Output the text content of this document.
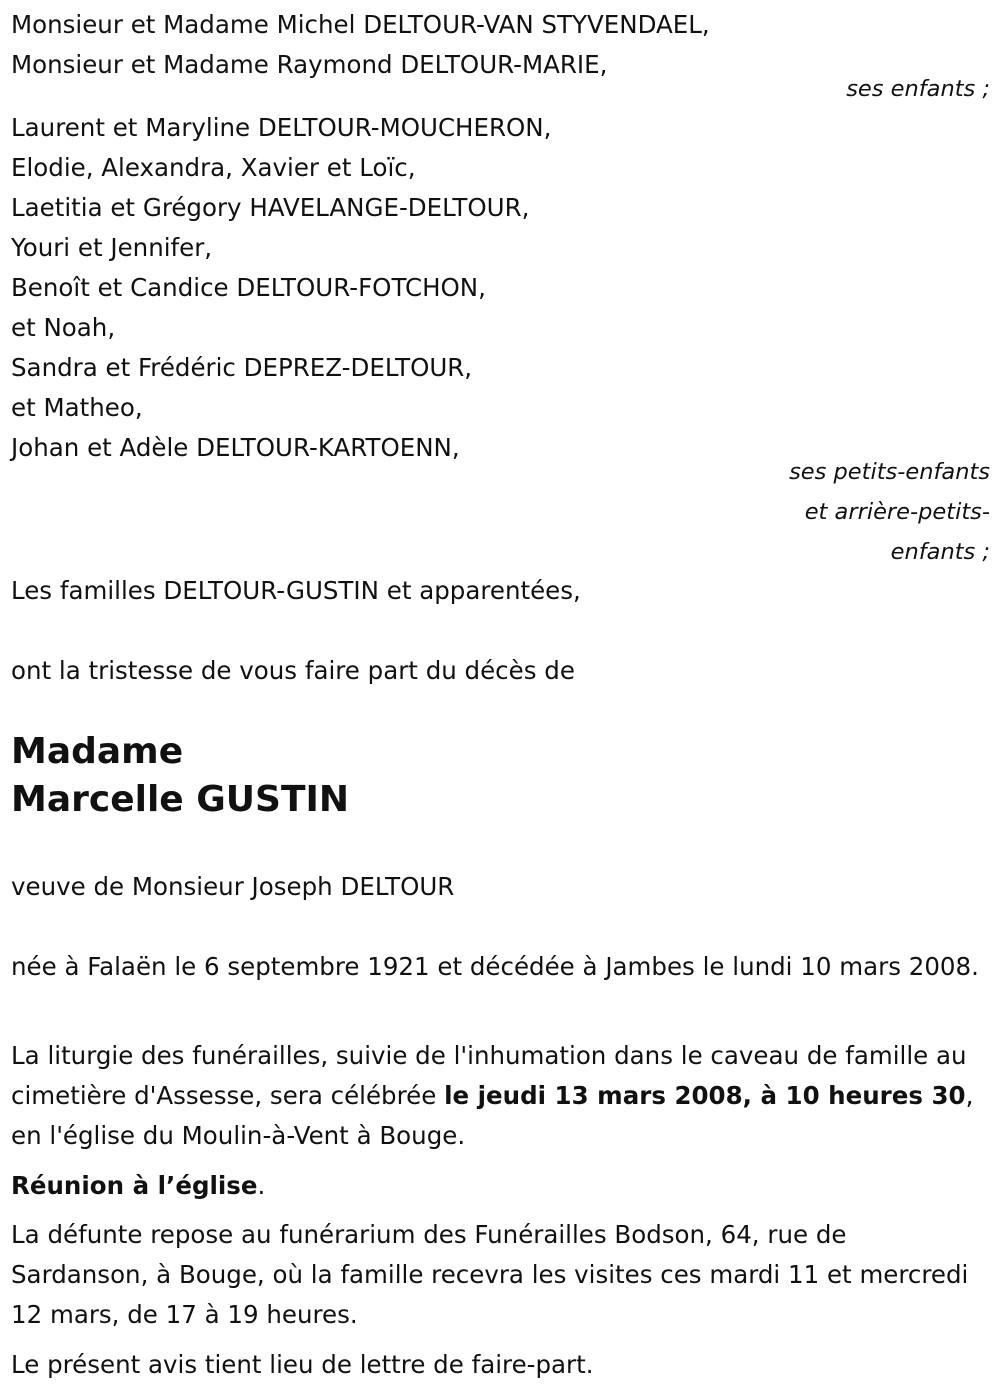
Monsieur et Madame Michel DELTOUR-VAN STYVENDAEL,

Monsieur et Madame Raymond DELTOUR-MARIE,

ses enfants ;

Laurent et Maryline DELTOUR-MOUCHERON,

Elodie, Alexandra, Xavier et Loïc,

Laetitia et Grégory HAVELANGE-DELTOUR,

Youri et Jennifer,

Benoît et Candice DELTOUR-FOTCHON,

et Noah,

Sandra et Frédéric DEPREZ-DELTOUR,

et Matheo,

Johan et Adèle DELTOUR-KARTOENN,

ses petits-enfants

et arrière-petits-

enfants ;

Les familles DELTOUR-GUSTIN et apparentées,

ont la tristesse de vous faire part du décès de

Madame

Marcelle GUSTIN

veuve de Monsieur Joseph DELTOUR

née à Falaën le 6 septembre 1921 et décédée à Jambes le lundi 10 mars 2008.

La liturgie des funérailles, suivie de l'inhumation dans le caveau de famille au cimetière d'Assesse, sera célébrée le jeudi 13 mars 2008, à 10 heures 30, en l'église du Moulin-à-Vent à Bouge.

Réunion à l’église.

La défunte repose au funérarium des Funérailles Bodson, 64, rue de Sardanson, à Bouge, où la famille recevra les visites ces mardi 11 et mercredi 12 mars, de 17 à 19 heures.

Le présent avis tient lieu de lettre de faire-part.
